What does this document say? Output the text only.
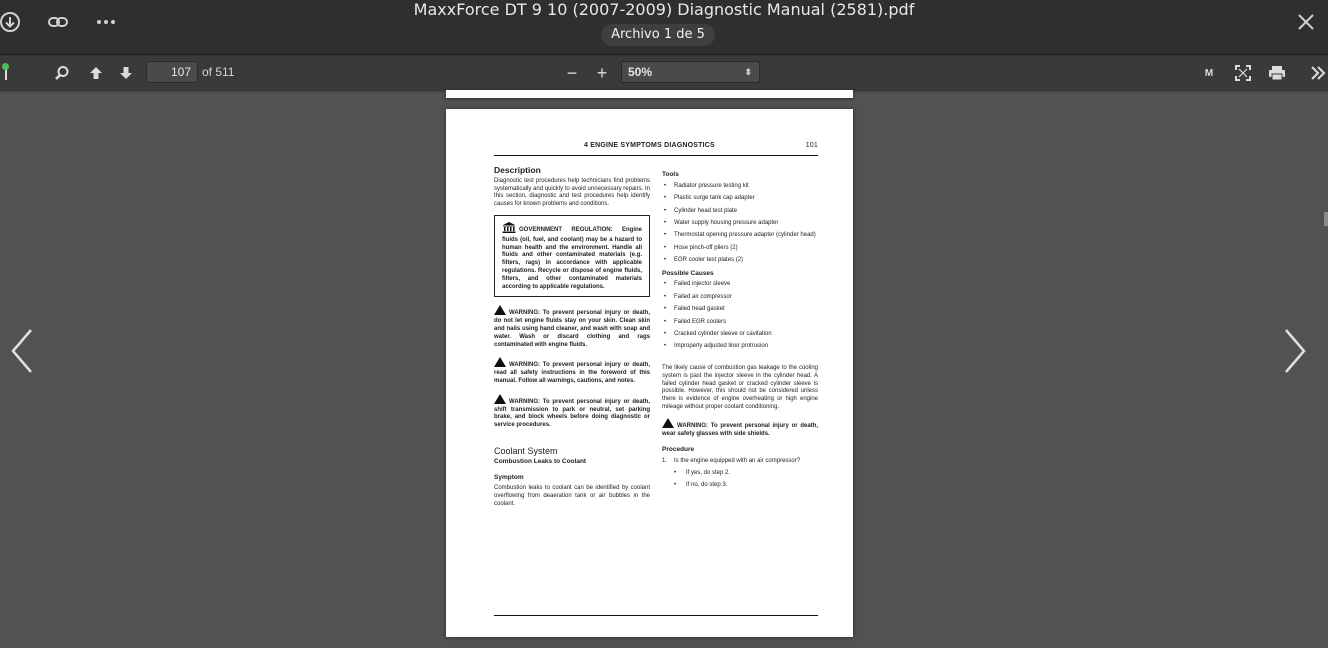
MaxxForce DT 9 10 (2007-2009) Diagnostic Manual (2581).pdf
Archivo 1 de 5
107
of 511	−	+	50%	⬍	M
4 ENGINE SYMPTOMS DIAGNOSTICS	101
Description
Diagnostic test procedures help technicians find problems systematically and quickly to avoid unnecessary repairs. In this section, diagnostic and test procedures help identify causes for known problems and conditions.
GOVERNMENT REGULATION: Engine fluids (oil, fuel, and coolant) may be a hazard to human health and the environment. Handle all fluids and other contaminated materials (e.g. filters, rags) in accordance with applicable regulations. Recycle or dispose of engine fluids, filters, and other contaminated materials according to applicable regulations.
WARNING: To prevent personal injury or death, do not let engine fluids stay on your skin. Clean skin and nails using hand cleaner, and wash with soap and water. Wash or discard clothing and rags contaminated with engine fluids.
WARNING: To prevent personal injury or death, read all safety instructions in the foreword of this manual. Follow all warnings, cautions, and notes.
WARNING: To prevent personal injury or death, shift transmission to park or neutral, set parking brake, and block wheels before doing diagnostic or service procedures.
Coolant System
Combustion Leaks to Coolant
Symptom
Combustion leaks to coolant can be identified by coolant overflowing from deaeration tank or air bubbles in the coolant.
Tools
• Radiator pressure testing kit
• Plastic surge tank cap adapter
• Cylinder head test plate
• Water supply housing pressure adapter
• Thermostat opening pressure adapter (cylinder head)
• Hose pinch-off pliers (2)
• EGR cooler test plates (2)
Possible Causes
• Failed injector sleeve
• Failed air compressor
• Failed head gasket
• Failed EGR coolers
• Cracked cylinder sleeve or cavitation
• Improperly adjusted liner protrusion
The likely cause of combustion gas leakage to the cooling system is past the injector sleeve in the cylinder head. A failed cylinder head gasket or cracked cylinder sleeve is possible. However, this should not be considered unless there is evidence of engine overheating or high engine mileage without proper coolant conditioning.
WARNING: To prevent personal injury or death, wear safety glasses with side shields.
Procedure
1. Is the engine equipped with an air compressor?
• If yes, do step 2.
• If no, do step 3.
